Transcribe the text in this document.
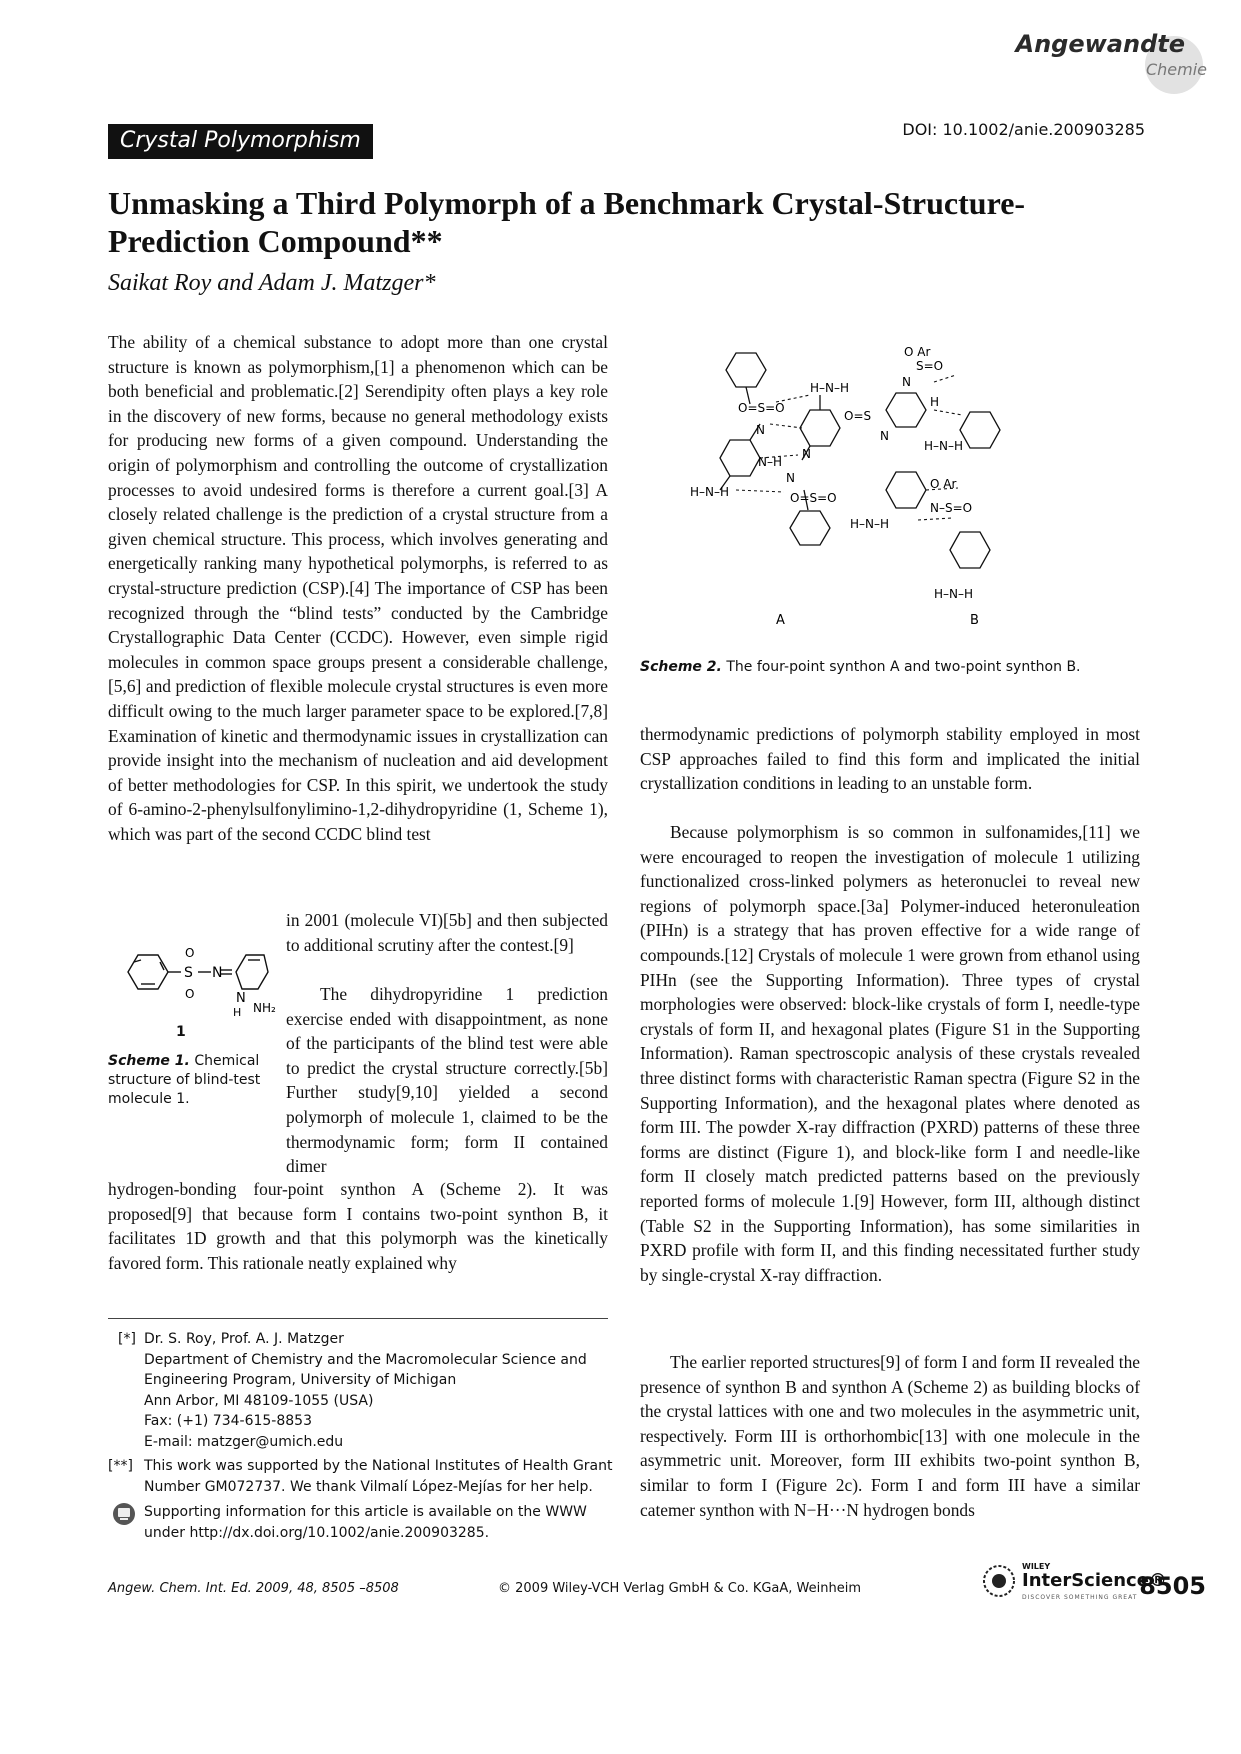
Angewandte
Chemie
DOI: 10.1002/anie.200903285
Crystal Polymorphism
Unmasking a Third Polymorph of a Benchmark Crystal-Structure-Prediction Compound**
Saikat Roy and Adam J. Matzger*

The ability of a chemical substance to adopt more than one crystal structure is known as polymorphism,[1] a phenomenon which can be both beneficial and problematic.[2] Serendipity often plays a key role in the discovery of new forms, because no general methodology exists for producing new forms of a given compound. Understanding the origin of polymorphism and controlling the outcome of crystallization processes to avoid undesired forms is therefore a current goal.[3] A closely related challenge is the prediction of a crystal structure from a given chemical structure. This process, which involves generating and energetically ranking many hypothetical polymorphs, is referred to as crystal-structure prediction (CSP).[4] The importance of CSP has been recognized through the “blind tests” conducted by the Cambridge Crystallographic Data Center (CCDC). However, even simple rigid molecules in common space groups present a considerable challenge,[5,6] and prediction of flexible molecule crystal structures is even more difficult owing to the much larger parameter space to be explored.[7,8] Examination of kinetic and thermodynamic issues in crystallization can provide insight into the mechanism of nucleation and aid development of better methodologies for CSP. In this spirit, we undertook the study of 6-amino-2-phenylsulfonylimino-1,2-dihydropyridine (1, Scheme 1), which was part of the second CCDC blind test

S
O
O
N
N
H NH₂
1
Scheme 1. Chemical structure of blind-test molecule 1.

in 2001 (molecule VI)[5b] and then subjected to additional scrutiny after the contest.[9]

The dihydropyridine 1 prediction exercise ended with disappointment, as none of the participants of the blind test were able to predict the crystal structure correctly.[5b] Further study[9,10] yielded a second polymorph of molecule 1, claimed to be the thermodynamic form; form II contained dimer

hydrogen-bonding four-point synthon A (Scheme 2). It was proposed[9] that because form I contains two-point synthon B, it facilitates 1D growth and that this polymorph was the kinetically favored form. This rationale neatly explained why

[*] Dr. S. Roy, Prof. A. J. Matzger
Department of Chemistry and the Macromolecular Science and
Engineering Program, University of Michigan
Ann Arbor, MI 48109-1055 (USA)
Fax: (+1) 734-615-8853
E-mail: matzger@umich.edu
[**] This work was supported by the National Institutes of Health Grant
Number GM072737. We thank Vilmalí López-Mejías for her help.
Supporting information for this article is available on the WWW
under http://dx.doi.org/10.1002/anie.200903285.
O=S=O
N
H–N–H
N–H
N
H–N–H
N
O=S=O
O Ar
S=O
N
O=S
H
N
H–N–H
O Ar
H–N–H
N–S=O
H–N–H
A	B
Scheme 2. The four-point synthon A and two-point synthon B.

thermodynamic predictions of polymorph stability employed in most CSP approaches failed to find this form and implicated the initial crystallization conditions in leading to an unstable form.

Because polymorphism is so common in sulfonamides,[11] we were encouraged to reopen the investigation of molecule 1 utilizing functionalized cross-linked polymers as heteronuclei to reveal new regions of polymorph space.[3a] Polymer-induced heteronuleation (PIHn) is a strategy that has proven effective for a wide range of compounds.[12] Crystals of molecule 1 were grown from ethanol using PIHn (see the Supporting Information). Three types of crystal morphologies were observed: block-like crystals of form I, needle-type crystals of form II, and hexagonal plates (Figure S1 in the Supporting Information). Raman spectroscopic analysis of these crystals revealed three distinct forms with characteristic Raman spectra (Figure S2 in the Supporting Information), and the hexagonal plates where denoted as form III. The powder X-ray diffraction (PXRD) patterns of these three forms are distinct (Figure 1), and block-like form I and needle-like form II closely match predicted patterns based on the previously reported forms of molecule 1.[9] However, form III, although distinct (Table S2 in the Supporting Information), has some similarities in PXRD profile with form II, and this finding necessitated further study by single-crystal X-ray diffraction.

The earlier reported structures[9] of form I and form II revealed the presence of synthon B and synthon A (Scheme 2) as building blocks of the crystal lattices with one and two molecules in the asymmetric unit, respectively. Form III is orthorhombic[13] with one molecule in the asymmetric unit. Moreover, form III exhibits two-point synthon B, similar to form I (Figure 2c). Form I and form III have a similar catemer synthon with N−H···N hydrogen bonds

Angew. Chem. Int. Ed. 2009, 48, 8505 –8508	© 2009 Wiley-VCH Verlag GmbH & Co. KGaA, Weinheim
WILEY
InterScience®
DISCOVER SOMETHING GREAT 8505
